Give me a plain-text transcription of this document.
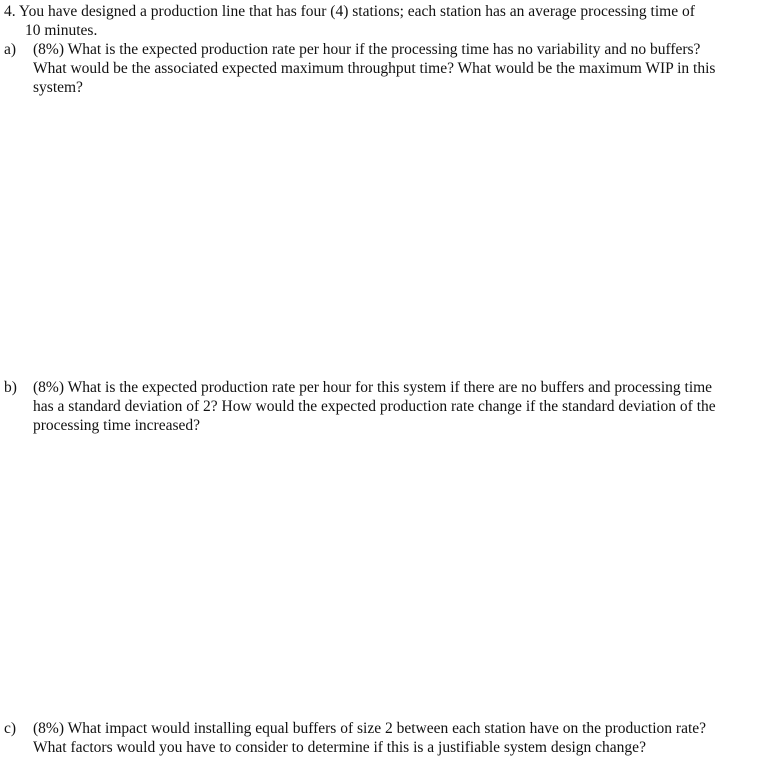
4. You have designed a production line that has four (4) stations; each station has an average processing time of
10 minutes.
a) (8%) What is the expected production rate per hour if the processing time has no variability and no buffers?
What would be the associated expected maximum throughput time? What would be the maximum WIP in this
system?
b) (8%) What is the expected production rate per hour for this system if there are no buffers and processing time
has a standard deviation of 2? How would the expected production rate change if the standard deviation of the
processing time increased?
c) (8%) What impact would installing equal buffers of size 2 between each station have on the production rate?
What factors would you have to consider to determine if this is a justifiable system design change?
